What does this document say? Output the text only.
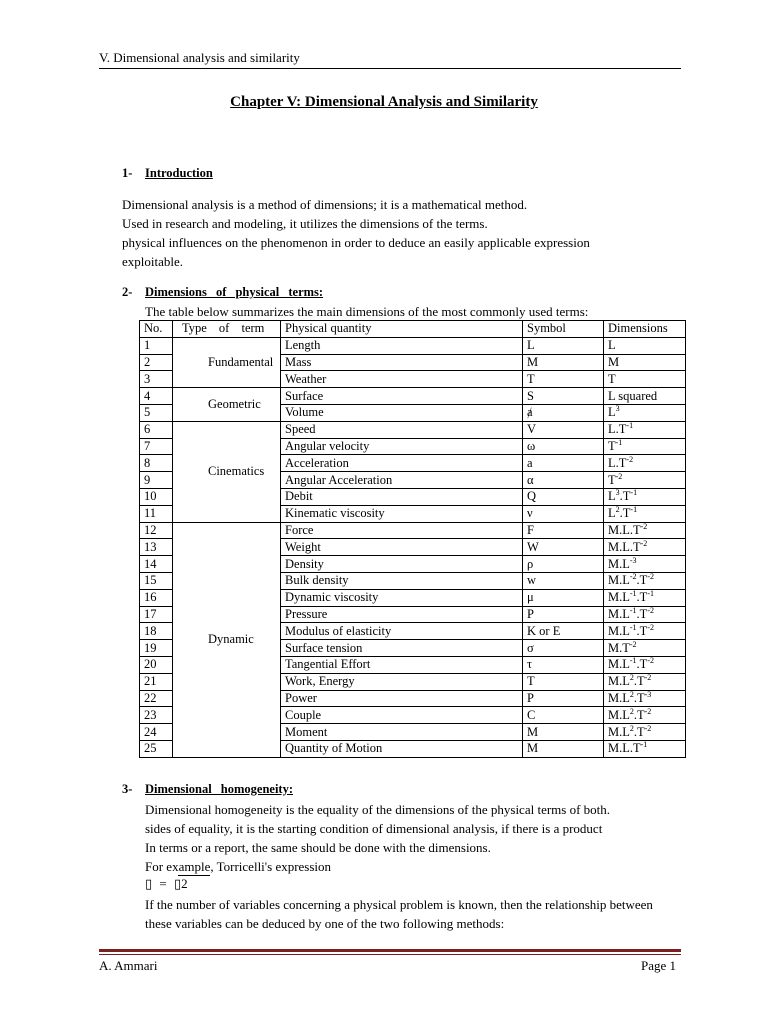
V. Dimensional analysis and similarity
Chapter V: Dimensional Analysis and Similarity
1- Introduction
Dimensional analysis is a method of dimensions; it is a mathematical method.
Used in research and modeling, it utilizes the dimensions of the terms.
physical influences on the phenomenon in order to deduce an easily applicable expression
exploitable.
2- Dimensions of physical terms:
The table below summarizes the main dimensions of the most commonly used terms:
No.	Type of term	Physical quantity	Symbol	Dimensions
1	Fundamental	Length	L	L
2		Mass	M	M
3		Weather	T	T
4	Geometric	Surface	S	L squared
5		Volume	ⱥ	$L^3$
6	Cinematics	Speed	V	$L.T^{-1}$
7		Angular velocity	ω	$T^{-1}$
8		Acceleration	a	$L.T^{-2}$
9		Angular Acceleration	α	$T^{-2}$
10		Debit	Q	$L^3.T^{-1}$
11		Kinematic viscosity	ν	$L^2.T^{-1}$
12	Dynamic	Force	F	$M.L.T^{-2}$
13		Weight	W	$M.L.T^{-2}$
14		Density	ρ	$M.L^{-3}$
15		Bulk density	w	$M.L^{-2}.T^{-2}$
16		Dynamic viscosity	μ	$M.L^{-1}.T^{-1}$
17		Pressure	P	$M.L^{-1}.T^{-2}$
18		Modulus of elasticity	K or E	$M.L^{-1}.T^{-2}$
19		Surface tension	σ	$M.T^{-2}$
20		Tangential Effort	τ	$M.L^{-1}.T^{-2}$
21		Work, Energy	T	$M.L^2.T^{-2}$
22		Power	P	$M.L^2.T^{-3}$
23		Couple	C	$M.L^2.T^{-2}$
24		Moment	M	$M.L^2.T^{-2}$
25		Quantity of Motion	M	$M.L.T^{-1}$
3- Dimensional homogeneity:
Dimensional homogeneity is the equality of the dimensions of the physical terms of both.
sides of equality, it is the starting condition of dimensional analysis, if there is a product
In terms or a report, the same should be done with the dimensions.
For example, Torricelli's expression
▯ = ▯2
If the number of variables concerning a physical problem is known, then the relationship between
these variables can be deduced by one of the two following methods:
A. Ammari	Page 1
